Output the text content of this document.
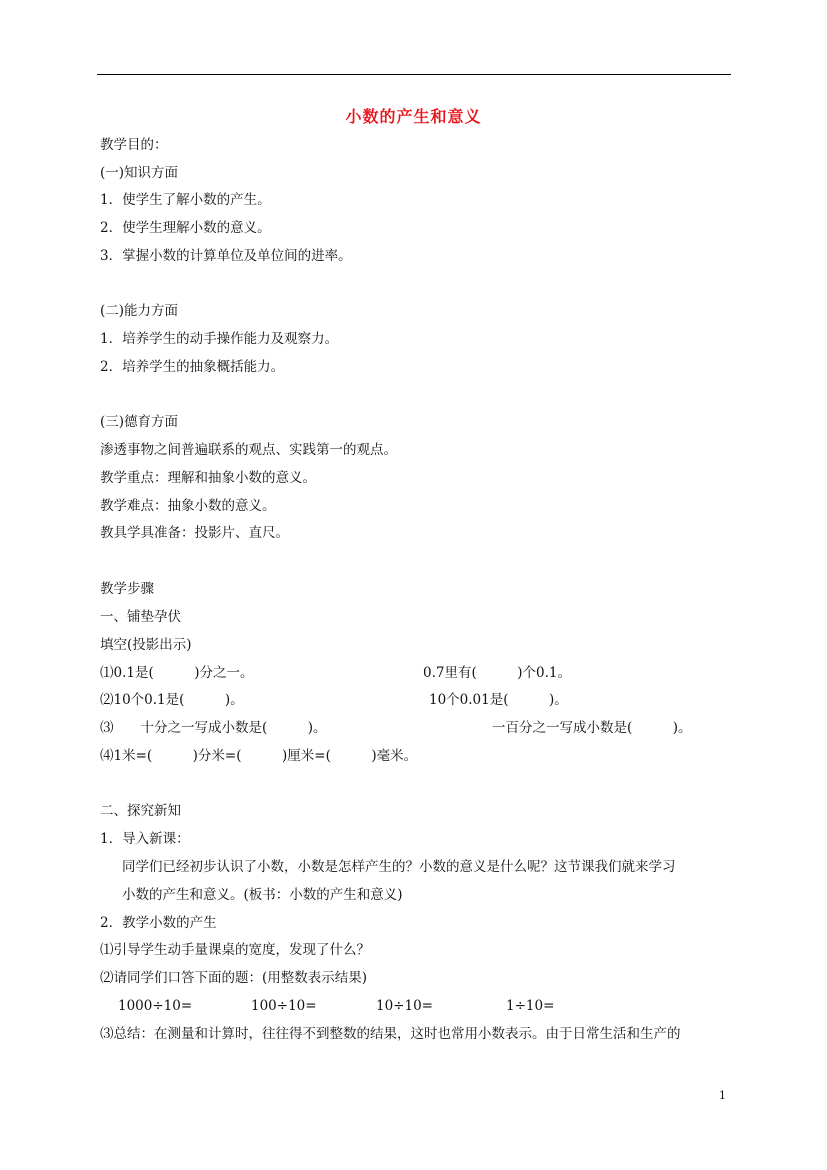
小数的产生和意义
教学目的：
(一)知识方面
1．使学生了解小数的产生。
2．使学生理解小数的意义。
3．掌握小数的计算单位及单位间的进率。
(二)能力方面
1．培养学生的动手操作能力及观察力。
2．培养学生的抽象概括能力。
(三)德育方面
渗透事物之间普遍联系的观点、实践第一的观点。
教学重点：理解和抽象小数的意义。
教学难点：抽象小数的意义。
教具学具准备：投影片、直尺。
教学步骤
一、铺垫孕伏
填空(投影出示)
⑴0.1是(　　　)分之一。	0.7里有(　　　)个0.1。
⑵10个0.1是(　　　)。	10个0.01是(　　　)。
⑶　　十分之一写成小数是(　　　)。	一百分之一写成小数是(　　　)。
⑷1米=(　　　)分米=(　　　)厘米=(　　　)毫米。
二、探究新知
1．导入新课：
同学们已经初步认识了小数，小数是怎样产生的？小数的意义是什么呢？这节课我们就来学习
小数的产生和意义。(板书：小数的产生和意义)
2．教学小数的产生
⑴引导学生动手量课桌的宽度，发现了什么？
⑵请同学们口答下面的题：(用整数表示结果)
1000÷10=	100÷10=	10÷10=	1÷10=
⑶总结：在测量和计算时，往往得不到整数的结果，这时也常用小数表示。由于日常生活和生产的
1
